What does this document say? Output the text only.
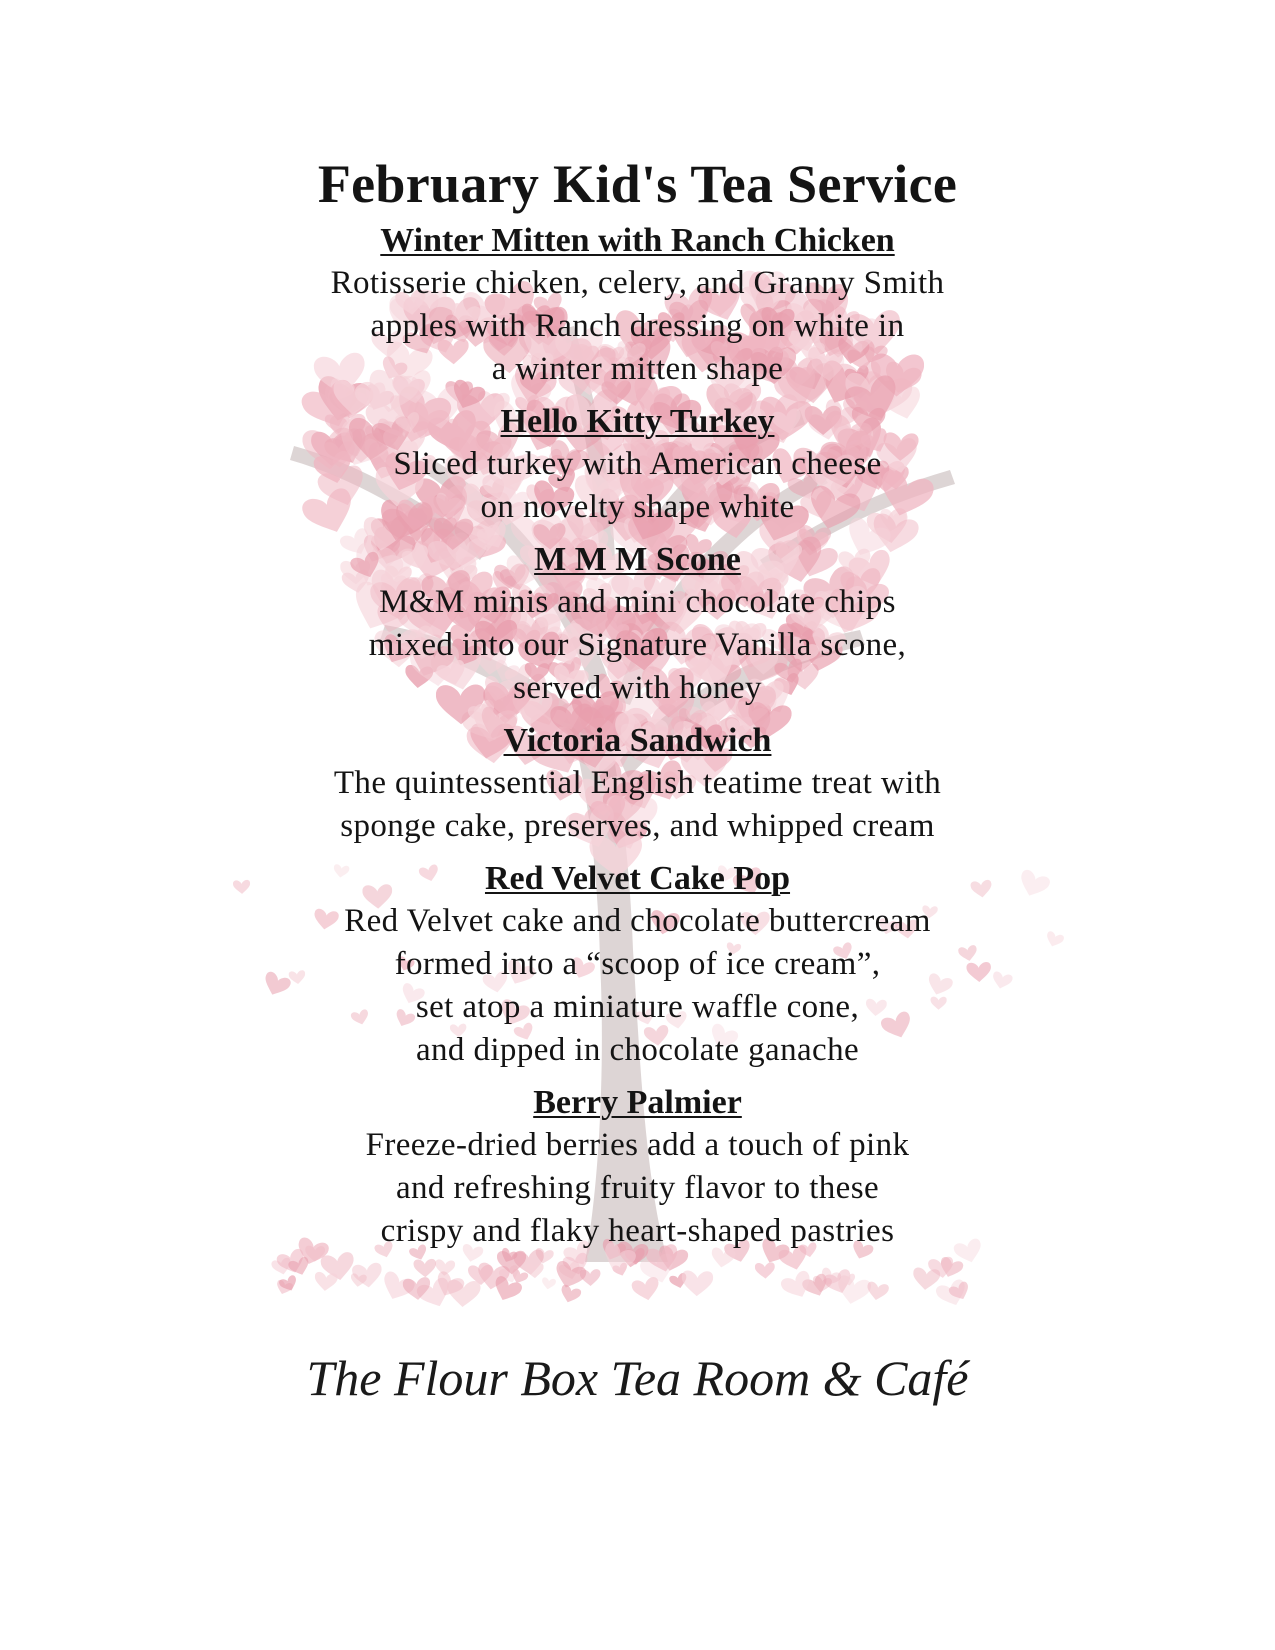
February Kid's Tea Service
Winter Mitten with Ranch Chicken
Rotisserie chicken, celery, and Granny Smith
apples with Ranch dressing on white in
a winter mitten shape
Hello Kitty Turkey
Sliced turkey with American cheese
on novelty shape white
M M M Scone
M&M minis and mini chocolate chips
mixed into our Signature Vanilla scone,
served with honey
Victoria Sandwich
The quintessential English teatime treat with
sponge cake, preserves, and whipped cream
Red Velvet Cake Pop
Red Velvet cake and chocolate buttercream
formed into a “scoop of ice cream”,
set atop a miniature waffle cone,
and dipped in chocolate ganache
Berry Palmier
Freeze-dried berries add a touch of pink
and refreshing fruity flavor to these
crispy and flaky heart-shaped pastries
The Flour Box Tea Room & Café
